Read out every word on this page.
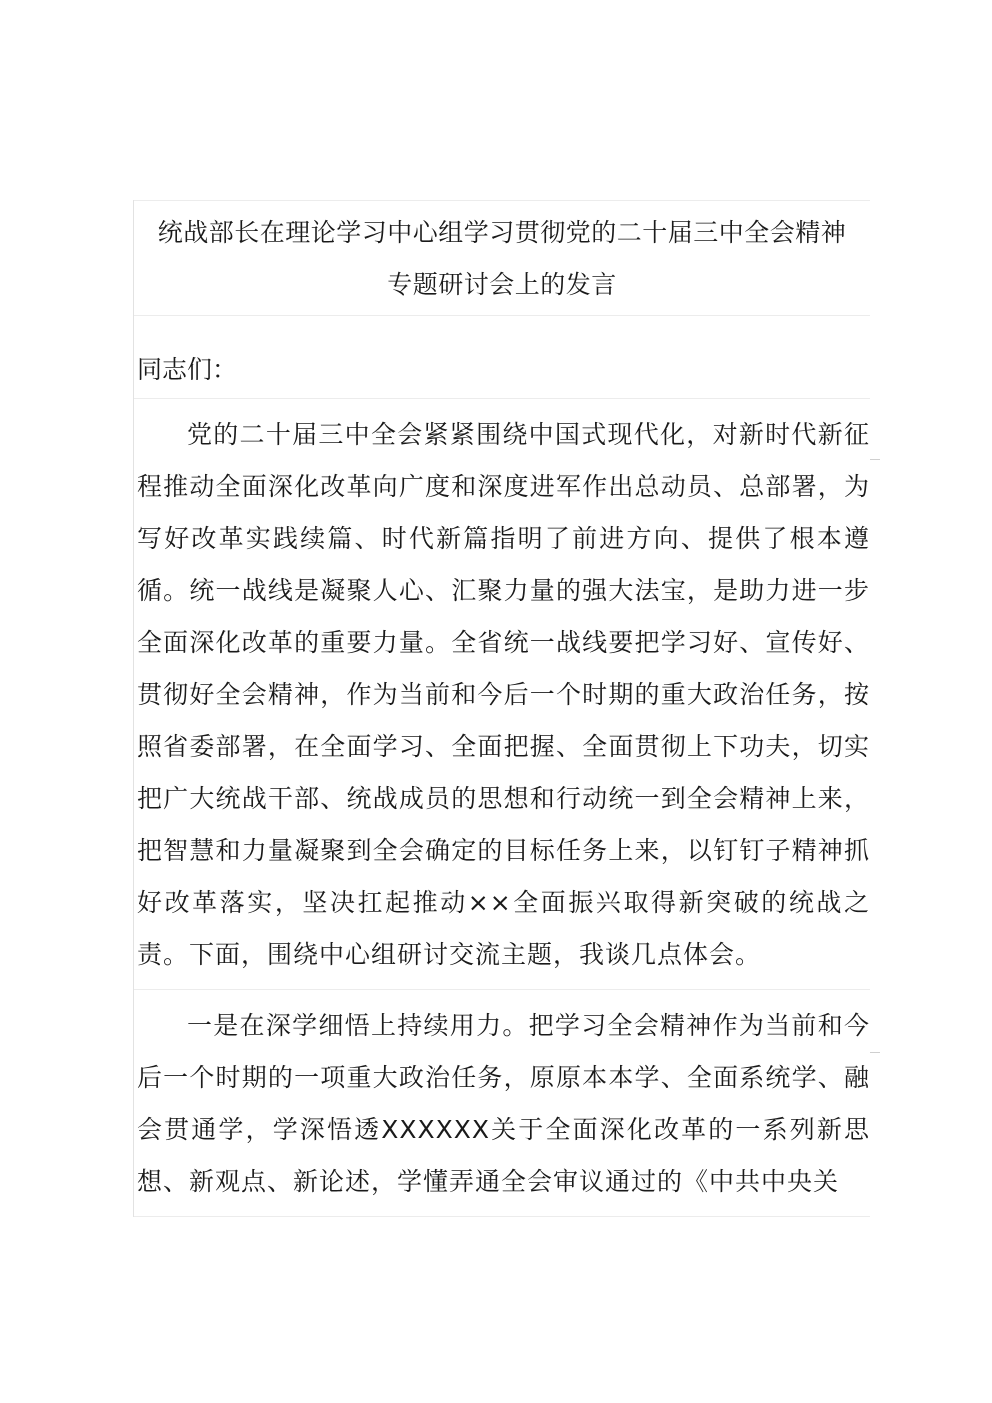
统战部长在理论学习中心组学习贯彻党的二十届三中全会精神
专题研讨会上的发言
同志们：

党的二十届三中全会紧紧围绕中国式现代化，对新时代新征程推动全面深化改革向广度和深度进军作出总动员、总部署，为写好改革实践续篇、时代新篇指明了前进方向、提供了根本遵循。统一战线是凝聚人心、汇聚力量的强大法宝，是助力进一步全面深化改革的重要力量。全省统一战线要把学习好、宣传好、贯彻好全会精神，作为当前和今后一个时期的重大政治任务，按照省委部署，在全面学习、全面把握、全面贯彻上下功夫，切实把广大统战干部、统战成员的思想和行动统一到全会精神上来，把智慧和力量凝聚到全会确定的目标任务上来，以钉钉子精神抓好改革落实，坚决扛起推动××全面振兴取得新突破的统战之责。下面，围绕中心组研讨交流主题，我谈几点体会。

一是在深学细悟上持续用力。把学习全会精神作为当前和今后一个时期的一项重大政治任务，原原本本学、全面系统学、融会贯通学，学深悟透XXXXXX关于全面深化改革的一系列新思想、新观点、新论述，学懂弄通全会审议通过的《中共中央关
